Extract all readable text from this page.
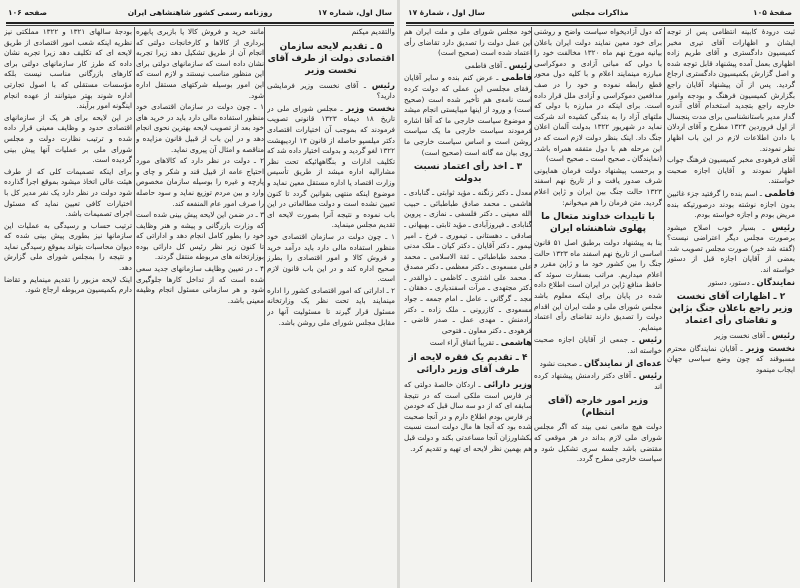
سال اول، شماره ۱۷
روزنامه رسمی کشور شاهنشاهی ایران
صفحه ۱۰۶
والتقدیم میکنم
۵ ـ تقدیم لایحه سازمان اقتصادی دولت از طرف آقای نخست وزیر
رئیس ـ آقای نخست وزیر فرمایشی دارید؟
نخست وزیر ـ مجلس شورای ملی در تاریخ ۱۸ دیماه ۱۳۲۳ قانونی تصویب فرمودند که بموجب آن اختیارات اقتصادی دکتر میلسپو حاصله از قانون ۱۴ اردیبهشت ۱۳۲۲ لغو گردید و بدولت اختیار داده شد که تکلیف ادارات و بنگاههائیکه تحت نظر مشارالیه اداره میشد از طریق تأسیس وزارت اقتصاد یا اداره مستقل معین نماید و موضوع اینکه منتهی بقوانین گردد تا کنون تعیین نشده است و دولت مطالعاتی در این باب نموده و نتیجه آنرا بصورت لایحه ای تقدیم مجلس مینماید.
۱ ـ چون دولت در سازمان اقتصادی خود منظور استفاده مالی دارد باید درآمد خرید و فروش کالا و امور اقتصادی را بطرز صحیح اداره کند و در این باب قانون لازم است.
۲ ـ اداراتی که امور اقتصادی کشور را اداره مینمایند باید تحت نظر یک وزارتخانه مسئول قرار گیرند تا مسئولیت آنها در مقابل مجلس شورای ملی روشن باشد.
مانند خرید و فروش کالا یا بازبری پابهره برداری از کالاها و کارخانجات دولتی که انجام آن از طریق تشکیل دهد زیرا تجربه نشان داده است که سازمانهای دولتی برای این منظور مناسب نیستند و لازم است که این امور بوسیله شرکتهای مستقل اداره شود.
۱ ـ چون دولت در سازمان اقتصادی خود منظور استفاده مالی دارد باید در خرید های خود بعد از تصویب لایحه بهترین نحوی انجام دهد و در این باب از قبیل قانون مزایده و مناقصه و امثال آن پیروی نماید.
۲ ـ دولت در نظر دارد که کالاهای مورد احتیاج عامه از قبیل قند و شکر و چای و پارچه و غیره را بوسیله سازمان مخصوص وارد و بین مردم توزیع نماید و سود حاصله را صرف امور عام المنفعه کند.
۳ ـ در ضمن این لایحه پیش بینی شده است که وزارت بازرگانی و پیشه و هنر وظایف خود را بطور کامل انجام دهد و اداراتی که تا کنون زیر نظر رئیس کل دارائی بوده بوزارتخانه های مربوطه منتقل گردند.
۴ ـ در تعیین وظایف سازمانهای جدید سعی شده است که از تداخل کارها جلوگیری شود و هر سازمانی مسئول انجام وظیفه معینی باشد.
بودجهٔ سالهای ۱۳۲۱ و ۱۳۲۲ مملکتی نیز نظریه اینکه شعب امور اقتصادی از طریق لایحه ای که تکلیف دهد زیرا تجربه نشان داده که طرز کار سازمانهای دولتی برای کارهای بازرگانی مناسب نیست بلکه مؤسسات مستقلی که با اصول تجارتی اداره شوند بهتر میتوانند از عهده انجام اینگونه امور برآیند.
در این لایحه برای هر یک از سازمانهای اقتصادی حدود و وظایف معینی قرار داده شده و ترتیب نظارت دولت و مجلس شورای ملی بر عملیات آنها پیش بینی گردیده است.
برای اینکه تصمیمات کلی که از طرف هیئت عالی اتخاذ میشود بموقع اجرا گذارده شود دولت در نظر دارد یک نفر مدیر کل با اختیارات کافی تعیین نماید که مسئول اجرای تصمیمات باشد.
ترتیب حساب و رسیدگی به عملیات این سازمانها نیز بطوری پیش بینی شده که دیوان محاسبات بتواند بموقع رسیدگی نماید و نتیجه را بمجلس شورای ملی گزارش دهد.
اینک لایحه مزبور را تقدیم مینمایم و تقاضا دارم بکمیسیون مربوطه ارجاع شود.
سال اول ، شمارهٔ ۱۷	مذاکرات مجلس	صفحهٔ ۱۰۵
ثبت درودهٔ کابینه انتظامی پس از توجه ایشان و اظهارات آقای تیری مخبر کمیسیون دادگستری و آقای طریم زاده اظهاری بعمل آمده پیشنهاد قابل توجه شده و اصل گزارش بکمیسیون دادگستری ارجاع گردید. پس از آن پیشنهاد آقایان راجع بگزارش کمیسیون فرهنگ و بودجه وامور خارجه راجع بتجدید استخدام آقای آندره گدار مدیر باستانشناسی برای مدت پنجسال از اول فروردین ۱۳۲۴ مطرح و آقای اردلان با دادن اطلاعات لازم در این باب اظهار نظر نمودند.
آقای فرهودی مخبر کمیسیون فرهنگ جواب اظهار نمودند و آقایان اجازه صحبت خواستند.
فاطمی ـ اسم بنده را گرفتید جزء غائبین بدون اجازه نوشته بودند درصورتیکه بنده مریض بودم و اجازه خواسته بودم.
رئیس ـ بسیار خوب اصلاح میشود برصورت مجلس دیگر اعتراضی نیست؟ (گفته شد خیر) صورت مجلس تصویب شد. بعضی از آقایان اجازه قبل از دستور خواسته اند.
نمایندگان ـ دستور، دستور
۲ ـ اظهارات آقای نخست وزیر راجع باعلان جنگ بژاپن و تقاضای رأی اعتماد
رئیس ـ آقای نخست وزیر
نخست وزیر ـ آقایان نمایندگان محترم مسبوقند که چون وضع سیاسی جهان ایجاب مینمود
که دول آزادیخواه سیاست واضح و روشنی برای خود معین نمایند دولت ایران باعلان بیانیه مورخ نهم ماه ۱۳۲۰ مخالفت خود را با دولی که مبانی آزادی و دموکراسی مبارزه مینمایند اعلام و با کلیه دول محور قطع رابطه نموده و خود را در صف مدافعین دموکراسی و آزادی ملل قرار داده است. برای اینکه در مبارزه با دولی که ملتهای آزاد را به بندگی کشیده اند شرکت نماید در شهریور ۱۳۲۲ بدولت آلمان اعلان جنگ داد. اینک بنظر دولت لازم است که در این مرحله هم با دول متفقه همراه باشد. (نمایندگان ـ صحیح است ـ صحیح است)
و برحسب پیشنهاد دولت فرمان همایونی شرف صدور یافت و از تاریخ نهم اسفند ۱۳۲۳ حالت جنگ بین ایران و ژاپن اعلام گردید. متن فرمان را هم میخوانم:
با تاییدات خداوند متعال ما پهلوی شاهنشاه ایران
بنا به پیشنهاد دولت برطبق اصل ۵۱ قانون اساسی از تاریخ نهم اسفند ماه ۱۳۲۳ حالت جنگ را بین کشور خود ما و ژاپن مقرر و اعلام میداریم. مراتب بسفارت سوئد که حافظ منافع ژاپن در ایران است اطلاع داده شده در پایان برای اینکه معلوم باشد مجلس شورای ملی و ملت ایران این اقدام دولت را تصدیق دارند تقاضای رأی اعتماد مینمایم.
رئیس ـ جمعی از آقایان اجازه صحبت خواسته اند.
عده‌ای از نمایندگان ـ صحبت نشود
رئیس ـ آقای دکتر رادمنش پیشنهاد کرده اند
وزیر امور خارجه (آقای انتظام)
دولت هیچ مانعی نمی بیند که اگر مجلس شورای ملی لازم بداند در هر موقعی که مقتضی باشد جلسه سری تشکیل شود و سیاست خارجی مطرح گردد.
خود مجلس شورای ملی و ملت ایران هم این عمل دولت را تصدیق دارد تقاضای رأی اعتماد شده است (صحیح است)
رئیس ـ آقای فاطمی
فاطمی ـ عرض کنم بنده و سایر آقایان رفقای مجلسی این عملی که دولت کرده است نامه‌ی هم تأخیر شده است (صحیح است) و ورود از اینها میبایستی انجام میشد و موضوع سیاست خارجی ما که آقا اشاره فرمودند سیاست خارجی ما یک سیاست روشن است و اساس سیاست خارجی ما روی بیان مه گانه است (صحیح است)
۳ ـ اخذ رأی اعتماد نسبت بدولت
معدل ـ دکتر زنگنه ـ مؤید ثوابتی ـ گنابادی ـ هاشمی ـ محمد صادق طباطبائی ـ حبیب الله معینی ـ دکتر فلسفی ـ نمازی ـ پروین گنابادی ـ فیروزآبادی ـ مؤید ثابتی ـ بهبهانی ـ صادقی ـ دهستانی ـ تیموری ـ فرخ ـ امیر تیمور ـ دکتر آقایان ـ دکتر کیان ـ ملک مدنی ـ محمد طباطبائی ـ ثقة الاسلامی ـ محمد علی مسعودی ـ دکتر معظمی ـ دکتر مصدق ـ محمد علی اشتری ـ کاظمی ـ ذوالقدر ـ دکتر مجتهدی ـ مرآت اسفندیاری ـ دهقان ـ مجد ـ گرگانی ـ عامل ـ امام جمعه ـ جواد مسعودی ـ کازرونی ـ ملک زاده ـ دکتر رادمنش ـ مهدی عمل ـ صدر قاضی ـ فرهودی ـ دکتر معاون ـ فتوحی
هاشمی ـ تقریباً اتفاق آراء است
۴ ـ تقدیم یک فقره لایحه از طرف آقای وزیر دارائی
وزیر دارائی ـ اردکان خالصهٔ دولتی که در فارس است ملکی است که در نتیجهٔ سابقه ای که از دو سه سال قبل که خودمن در فارس بودم اطلاع دارم و در آنجا صحبت شده بود که آنجا ها مال دولت است نسبت بکشاورزان آنجا مساعدتی بکند و دولت قبل هم بهمین نظر لایحه ای تهیه و تقدیم کرد.
